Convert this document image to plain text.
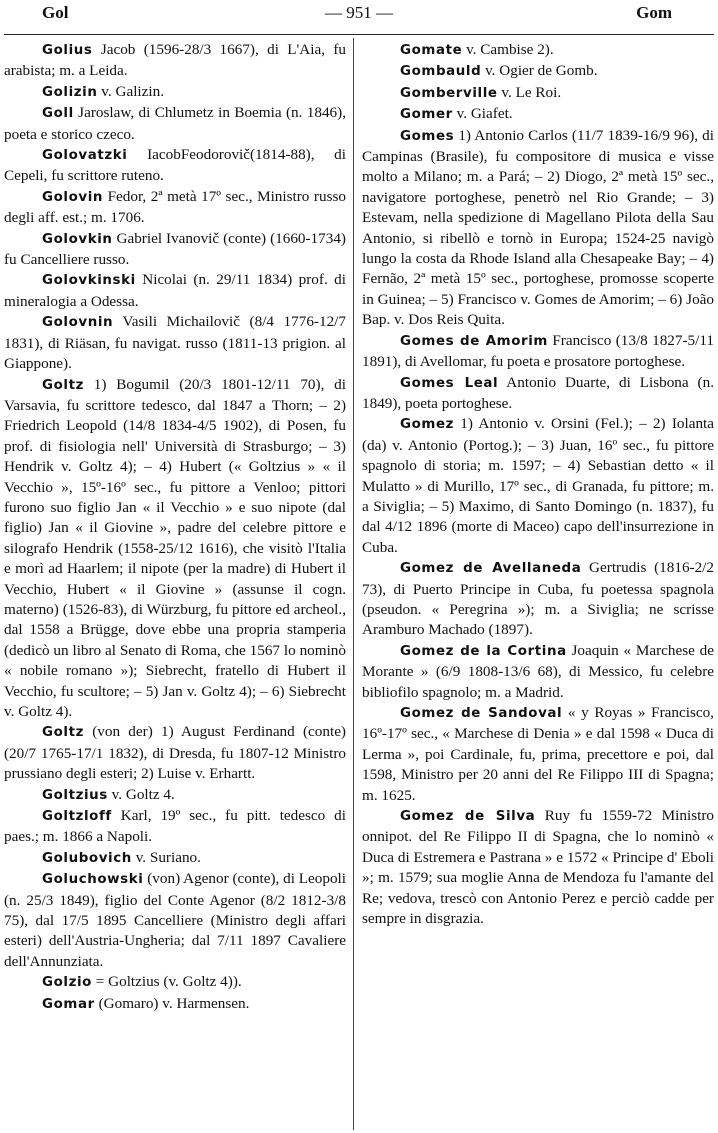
Gol	— 951 —	Gom

Golius Jacob (1596-28/3 1667), di L'Aia, fu arabista; m. a Leida.

Golizin v. Galizin.

Goll Jaroslaw, di Chlumetz in Boemia (n. 1846), poeta e storico czeco.

Golovatzki IacobFeodorovič(1814-88), di Cepeli, fu scrittore ruteno.

Golovin Fedor, 2ª metà 17º sec., Ministro russo degli aff. est.; m. 1706.

Golovkin Gabriel Ivanovič (conte) (1660-1734) fu Cancelliere russo.

Golovkinski Nicolai (n. 29/11 1834) prof. di mineralogia a Odessa.

Golovnin Vasili Michailovič (8/4 1776-12/7 1831), di Riäsan, fu navigat. russo (1811-13 prigion. al Giappone).

Goltz 1) Bogumil (20/3 1801-12/11 70), di Varsavia, fu scrittore tedesco, dal 1847 a Thorn; – 2) Friedrich Leopold (14/8 1834-4/5 1902), di Posen, fu prof. di fisiologia nell' Università di Strasburgo; – 3) Hendrik v. Goltz 4); – 4) Hubert (« Goltzius » « il Vecchio », 15º-16º sec., fu pittore a Venloo; pittori furono suo figlio Jan « il Vecchio » e suo nipote (dal figlio) Jan « il Giovine », padre del celebre pittore e silografo Hendrik (1558-25/12 1616), che visitò l'Italia e morì ad Haarlem; il nipote (per la madre) di Hubert il Vecchio, Hubert « il Giovine » (assunse il cogn. materno) (1526-83), di Würzburg, fu pittore ed archeol., dal 1558 a Brügge, dove ebbe una propria stamperia (dedicò un libro al Senato di Roma, che 1567 lo nominò « nobile romano »); Siebrecht, fratello di Hubert il Vecchio, fu scultore; – 5) Jan v. Goltz 4); – 6) Siebrecht v. Goltz 4).

Goltz (von der) 1) August Ferdinand (conte) (20/7 1765-17/1 1832), di Dresda, fu 1807-12 Ministro prussiano degli esteri; 2) Luise v. Erhartt.

Goltzius v. Goltz 4.

Goltzloff Karl, 19º sec., fu pitt. tedesco di paes.; m. 1866 a Napoli.

Golubovich v. Suriano.

Goluchowski (von) Agenor (conte), di Leopoli (n. 25/3 1849), figlio del Conte Agenor (8/2 1812-3/8 75), dal 17/5 1895 Cancelliere (Ministro degli affari esteri) dell'Austria-Ungheria; dal 7/11 1897 Cavaliere dell'Annunziata.

Golzio = Goltzius (v. Goltz 4)).

Gomar (Gomaro) v. Harmensen.

Gomate v. Cambise 2).

Gombauld v. Ogier de Gomb.

Gomberville v. Le Roi.

Gomer v. Giafet.

Gomes 1) Antonio Carlos (11/7 1839-16/9 96), di Campinas (Brasile), fu compositore di musica e visse molto a Milano; m. a Pará; – 2) Diogo, 2ª metà 15º sec., navigatore portoghese, penetrò nel Rio Grande; – 3) Estevam, nella spedizione di Magellano Pilota della Sau Antonio, si ribellò e tornò in Europa; 1524-25 navigò lungo la costa da Rhode Island alla Chesapeake Bay; – 4) Fernão, 2ª metà 15º sec., portoghese, promosse scoperte in Guinea; – 5) Francisco v. Gomes de Amorim; – 6) João Bap. v. Dos Reis Quita.

Gomes de Amorim Francisco (13/8 1827-5/11 1891), di Avellomar, fu poeta e prosatore portoghese.

Gomes Leal Antonio Duarte, di Lisbona (n. 1849), poeta portoghese.

Gomez 1) Antonio v. Orsini (Fel.); – 2) Iolanta (da) v. Antonio (Portog.); – 3) Juan, 16º sec., fu pittore spagnolo di storia; m. 1597; – 4) Sebastian detto « il Mulatto » di Murillo, 17º sec., di Granada, fu pittore; m. a Siviglia; – 5) Maximo, di Santo Domingo (n. 1837), fu dal 4/12 1896 (morte di Maceo) capo dell'insurrezione in Cuba.

Gomez de Avellaneda Gertrudis (1816-2/2 73), di Puerto Principe in Cuba, fu poetessa spagnola (pseudon. « Peregrina »); m. a Siviglia; ne scrisse Aramburo Machado (1897).

Gomez de la Cortina Joaquin « Marchese de Morante » (6/9 1808-13/6 68), di Messico, fu celebre bibliofilo spagnolo; m. a Madrid.

Gomez de Sandoval « y Royas » Francisco, 16º-17º sec., « Marchese di Denia » e dal 1598 « Duca di Lerma », poi Cardinale, fu, prima, precettore e poi, dal 1598, Ministro per 20 anni del Re Filippo III di Spagna; m. 1625.

Gomez de Silva Ruy fu 1559-72 Ministro onnipot. del Re Filippo II di Spagna, che lo nominò « Duca di Estremera e Pastrana » e 1572 « Principe d' Eboli »; m. 1579; sua moglie Anna de Mendoza fu l'amante del Re; vedova, trescò con Antonio Perez e perciò cadde per sempre in disgrazia.
